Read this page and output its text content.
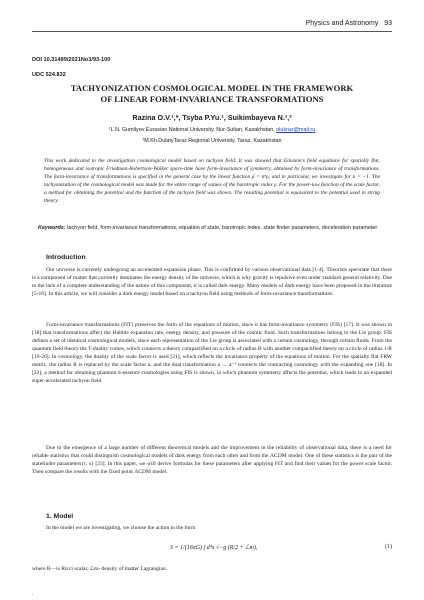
Physics and Astronomy 93
DOI 10.31489/2021No3/93-100
UDC 524.832
TACHYONIZATION COSMOLOGICAL MODEL IN THE FRAMEWORK
OF LINEAR FORM-INVARIANCE TRANSFORMATIONS
Razina O.V.¹,*, Tsyba P.Yu.¹, Suikimbayeva N.¹,²
¹L.N. Gumilyov Eurasian National University, Nur-Sultan, Kazakhstan, olukraz@mail.ru
²M.Kh.DulatyTaraz Regional University, Taraz, Kazakhstan

This work dedicated to the investigation cosmological model based on tachyon field. It was showed that Einstein's field equations for spatially flat, homogeneous and isotropic Friedman-Robertson-Walker space-time have form-invariance of symmetry, obtained by form-invariance of transformations. The form-invariance of transformations is specified in the general case by the linear function ρ̄ = nⁿρ, and in particular, we investigate for n = −1. The tachyonization of the cosmological model was made for the entire range of values of the barotropic index γ. For the power-law function of the scale factor, a method for obtaining the potential and the function of the tachyon field was shown. The resulting potential is equivalent to the potential used in string theory.

Keywords: tachyon field, form-invariance transformations, equation of state, barotropic index, state finder parameters, deceleration parameter.

Introduction

Our universe is currently undergoing an accelerated expansion phase. This is confirmed by various observational data [1-4]. Theorists speculate that there is a component of matter that currently dominates the energy density of the universe, which is why gravity is repulsive even under standard general relativity. Due to the lack of a complete understanding of the nature of this component, it is called dark energy. Many models of dark energy have been proposed in the literature [5-16]. In this article, we will consider a dark energy model based on a tachyon field using methods of form-invariance transformations.

Form-invariance transformations (FIT) preserves the form of the equations of motion, since it has form-invariance symmetry (FIS) [17]. It was shown in [18] that transformations affect the Hubble expansion rate, energy density, and pressure of the cosmic fluid. Such transformations belong to the Lie group. FIS defines a set of identical cosmological models, since each representation of the Lie group is associated with a certain cosmology, through certain fluids. From the quantum field theory the T-duality comes, which connects a theory compactified on a circle of radius R with another compactified theory on a circle of radius 1/R [19-20]. In cosmology, the duality of the scale factor is used [21], which reflects the invariance property of the equations of motion. For the spatially flat FRW metric, the radius R is replaced by the scale factor a, and the dual transformation a → a⁻¹ connects the contracting cosmology with the expanding one [18]. In [22], a method for obtaining phantom k-essence cosmologies using FIS is shown, in which phantom symmetry affects the potential, which leads to an expanded super-accelerated tachyon field.

Due to the emergence of a large number of different theoretical models and the improvement in the reliability of observational data, there is a need for reliable statistics that could distinguish cosmological models of dark energy from each other and from the ΛCDM model. One of these statistics is the pair of the statefinder parameters{r, s} [23]. In this paper, we will derive formulas for these parameters after applying FIT and find their values for the power scale factor. Then compare the results with the fixed point ΛCDM model.

1. Model

In the model we are investigating, we choose the action in the form

S = 1/(16πG) ∫ d⁴x √−g (R/2 + ℒm),	(1)

where R—is Ricci scalar, ℒm- density of matter Lagrangian.

.
